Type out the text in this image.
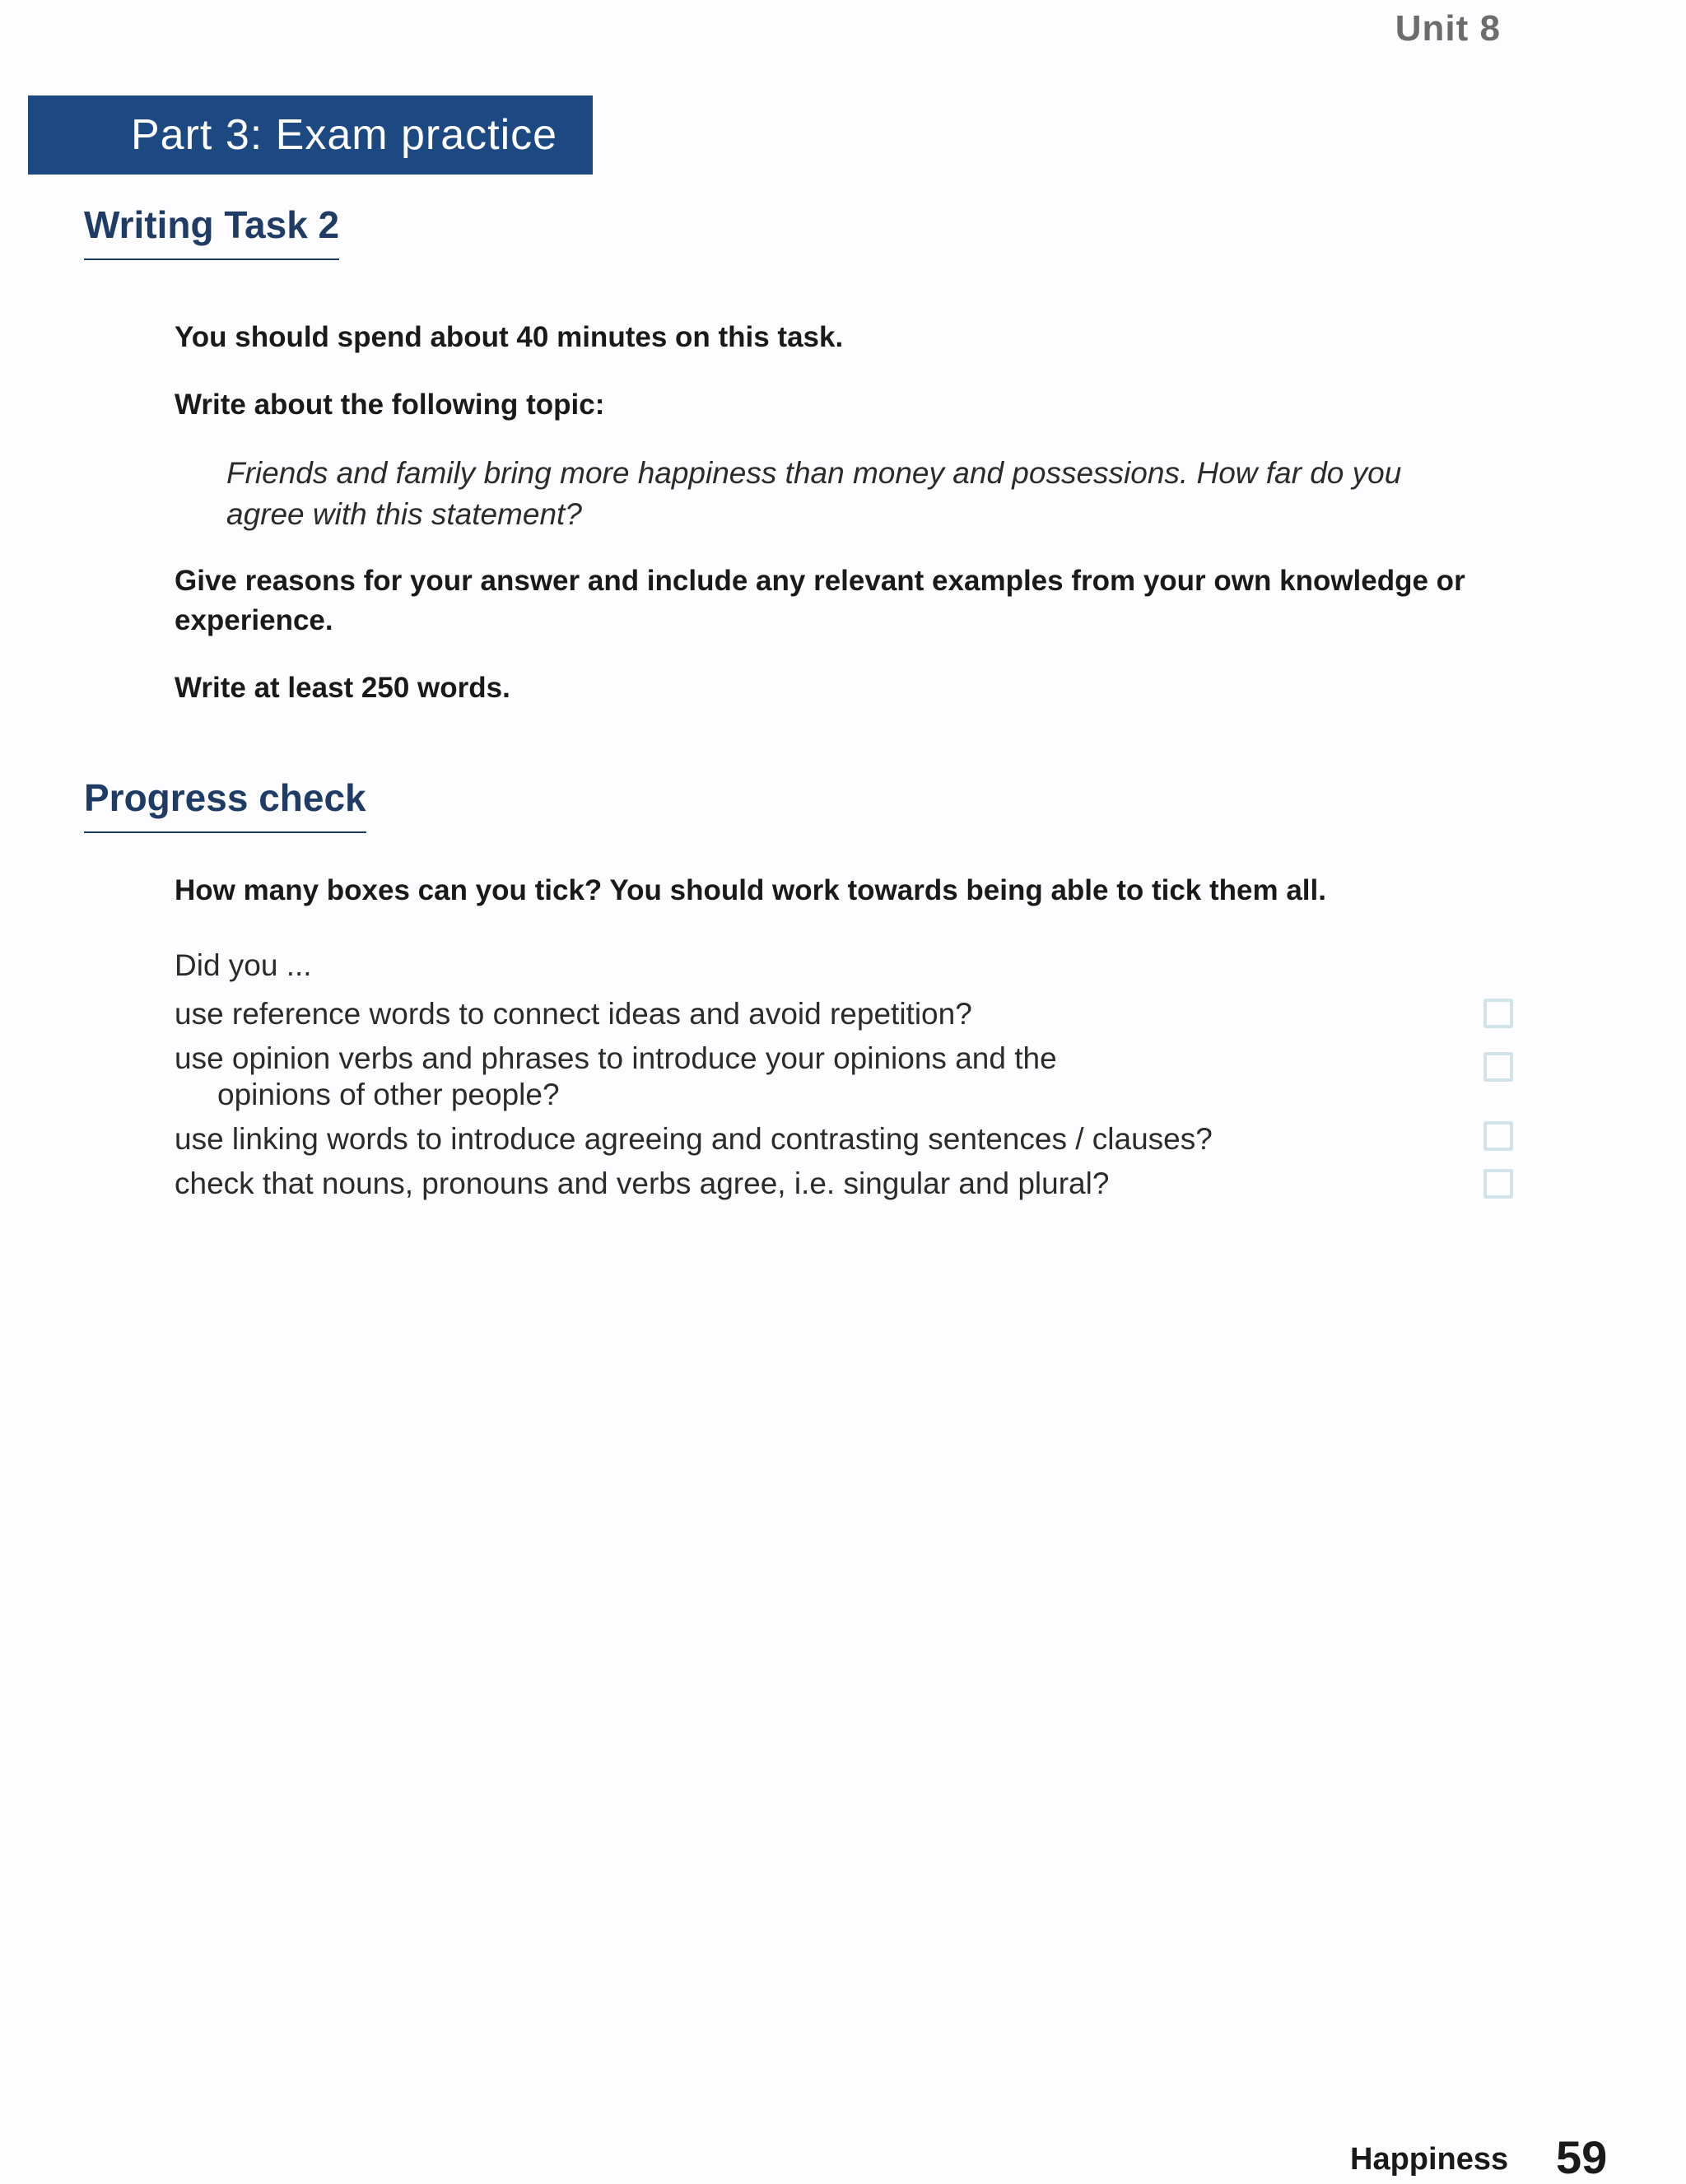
Unit 8
Part 3: Exam practice
Writing Task 2
You should spend about 40 minutes on this task.
Write about the following topic:
Friends and family bring more happiness than money and possessions. How far do you agree with this statement?
Give reasons for your answer and include any relevant examples from your own knowledge or experience.
Write at least 250 words.
Progress check
How many boxes can you tick? You should work towards being able to tick them all.
Did you ...
use reference words to connect ideas and avoid repetition?
use opinion verbs and phrases to introduce your opinions and the
opinions of other people?
use linking words to introduce agreeing and contrasting sentences / clauses?
check that nouns, pronouns and verbs agree, i.e. singular and plural?
Happiness 59
